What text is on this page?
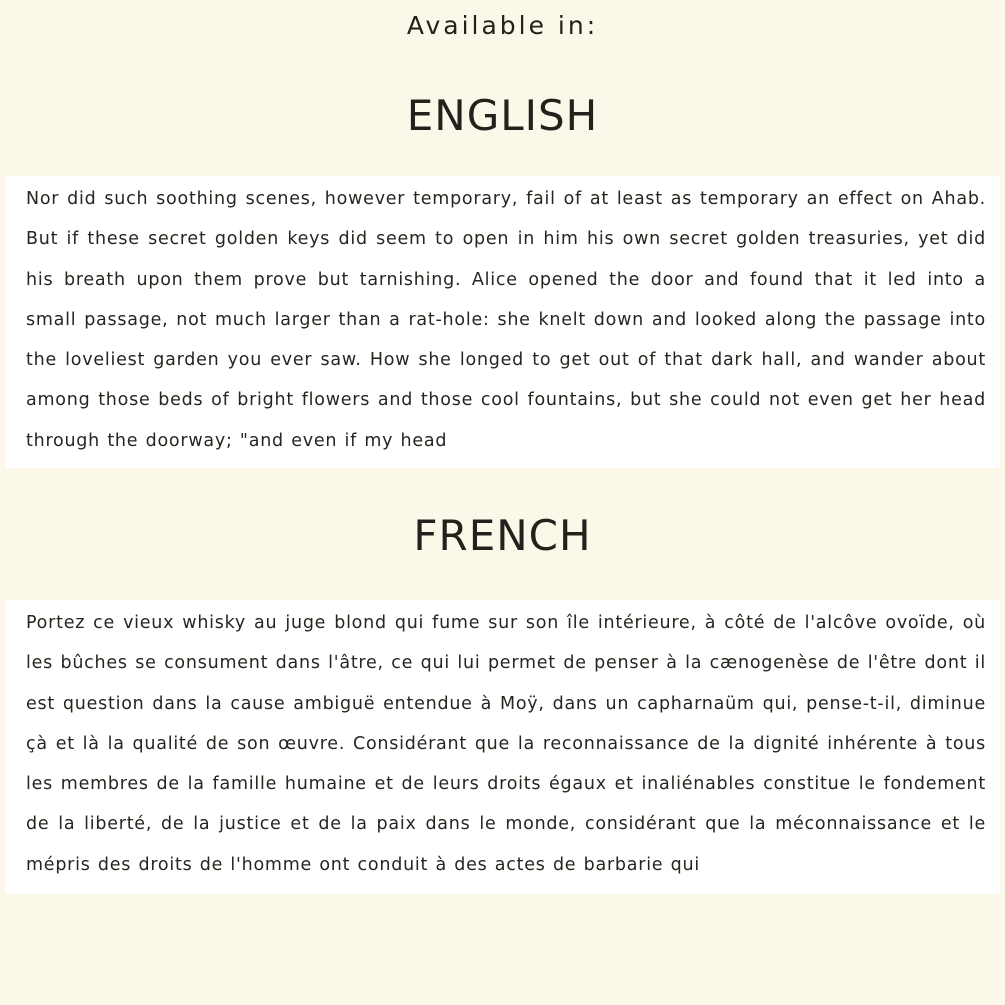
Available in:
ENGLISH

Nor did such soothing scenes, however temporary, fail of at least as temporary an effect on Ahab. But if these secret golden keys did seem to open in him his own secret golden treasuries, yet did his breath upon them prove but tarnishing. Alice opened the door and found that it led into a small passage, not much larger than a rat-hole: she knelt down and looked along the passage into the loveliest garden you ever saw. How she longed to get out of that dark hall, and wander about among those beds of bright flowers and those cool fountains, but she could not even get her head through the doorway; "and even if my head

FRENCH

Portez ce vieux whisky au juge blond qui fume sur son île intérieure, à côté de l'alcôve ovoïde, où les bûches se consument dans l'âtre, ce qui lui permet de penser à la cænogenèse de l'être dont il est question dans la cause ambiguë entendue à Moÿ, dans un capharnaüm qui, pense-t-il, diminue çà et là la qualité de son œuvre. Considérant que la reconnaissance de la dignité inhérente à tous les membres de la famille humaine et de leurs droits égaux et inaliénables constitue le fondement de la liberté, de la justice et de la paix dans le monde, considérant que la méconnaissance et le mépris des droits de l'homme ont conduit à des actes de barbarie qui
